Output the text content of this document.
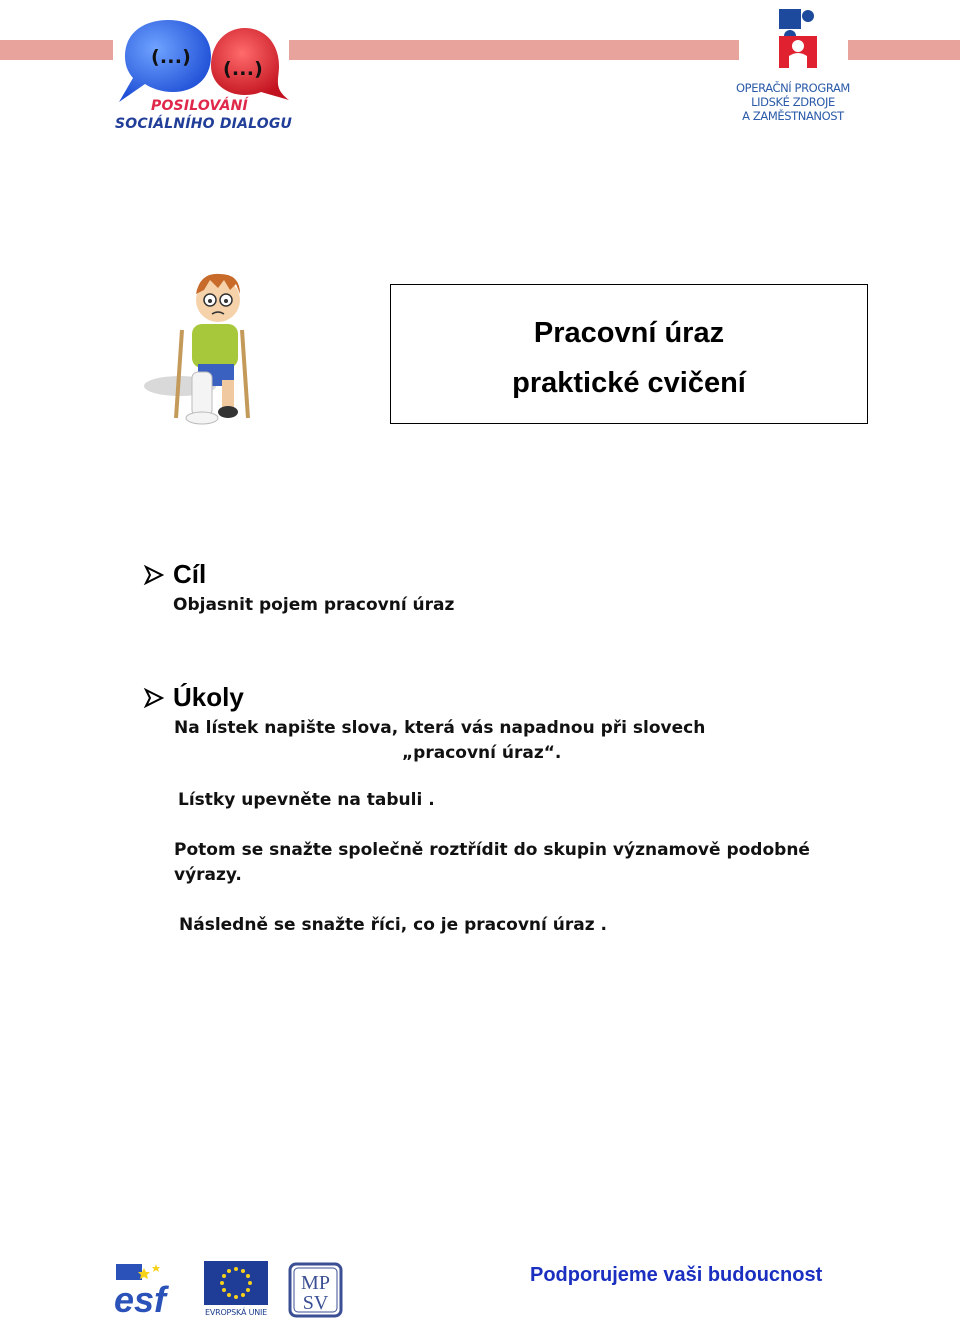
(...)
(...)
POSILOVÁNÍ
SOCIÁLNÍHO DIALOGU
OPERAČNÍ PROGRAM
LIDSKÉ ZDROJE
A ZAMĚSTNANOST
Pracovní úraz
praktické cvičení
Cíl
Objasnit pojem pracovní úraz
Úkoly
Na lístek napište slova, která vás napadnou při slovech
„pracovní úraz“.
Lístky upevněte na tabuli .
Potom se snažte společně roztřídit do skupin významově podobné
výrazy.
Následně se snažte říci, co je pracovní úraz .
esf	EVROPSKÁ UNIE
MP
SV
Podporujeme vaši budoucnost
